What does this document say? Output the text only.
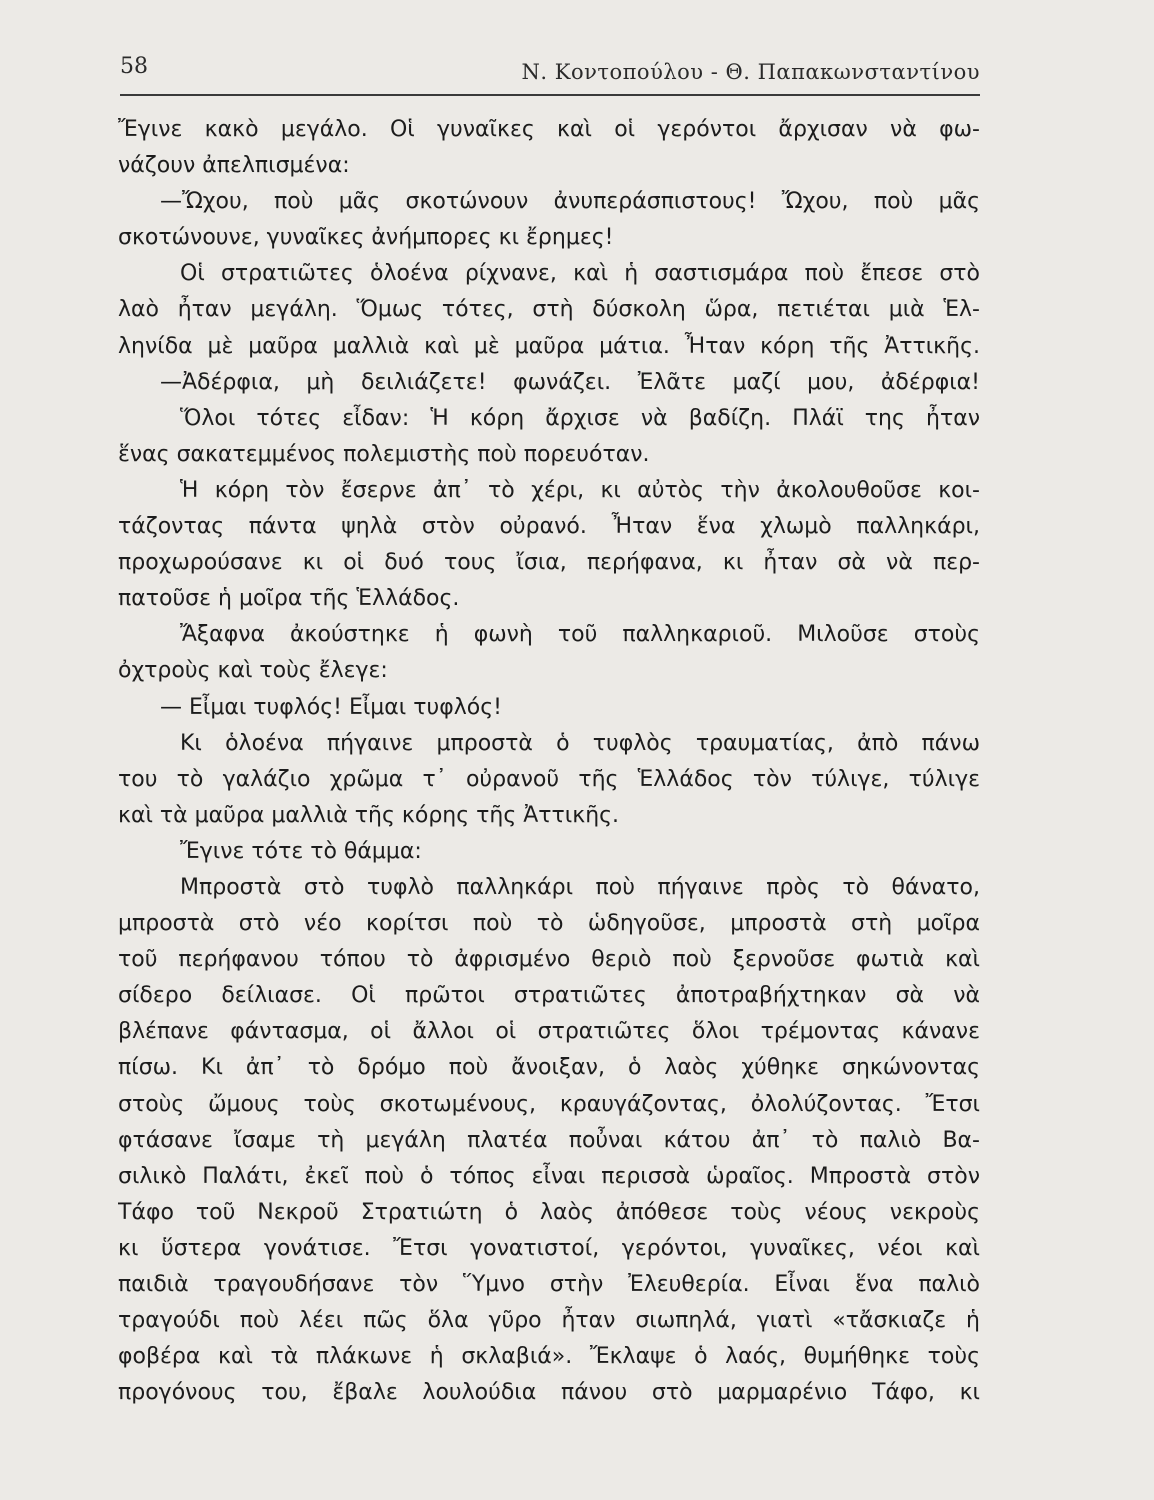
58	Ν. Κοντοπούλου - Θ. Παπακωνσταντίνου
Ἔγινε κακὸ μεγάλο. Οἱ γυναῖκες καὶ οἱ γερόντοι ἄρχισαν νὰ φω-
νάζουν ἀπελπισμένα:
—Ὤχου, ποὺ μᾶς σκοτώνουν ἀνυπεράσπιστους! Ὤχου, ποὺ μᾶς
σκοτώνουνε, γυναῖκες ἀνήμπορες κι ἔρημες!
Οἱ στρατιῶτες ὁλοένα ρίχνανε, καὶ ἡ σαστισμάρα ποὺ ἔπεσε στὸ
λαὸ ἦταν μεγάλη. Ὅμως τότες, στὴ δύσκολη ὥρα, πετιέται μιὰ Ἑλ-
ληνίδα μὲ μαῦρα μαλλιὰ καὶ μὲ μαῦρα μάτια. Ἦταν κόρη τῆς Ἀττικῆς.
—Ἀδέρφια, μὴ δειλιάζετε! φωνάζει. Ἐλᾶτε μαζί μου, ἀδέρφια!
Ὅλοι τότες εἶδαν: Ἡ κόρη ἄρχισε νὰ βαδίζη. Πλάϊ της ἦταν
ἕνας σακατεμμένος πολεμιστὴς ποὺ πορευόταν.
Ἡ κόρη τὸν ἔσερνε ἀπ᾿ τὸ χέρι, κι αὐτὸς τὴν ἀκολουθοῦσε κοι-
τάζοντας πάντα ψηλὰ στὸν οὐρανό. Ἦταν ἕνα χλωμὸ παλληκάρι,
προχωρούσανε κι οἱ δυό τους ἴσια, περήφανα, κι ἦταν σὰ νὰ περ-
πατοῦσε ἡ μοῖρα τῆς Ἑλλάδος.
Ἄξαφνα ἀκούστηκε ἡ φωνὴ τοῦ παλληκαριοῦ. Μιλοῦσε στοὺς
ὀχτροὺς καὶ τοὺς ἔλεγε:
— Εἶμαι τυφλός! Εἶμαι τυφλός!
Κι ὁλοένα πήγαινε μπροστὰ ὁ τυφλὸς τραυματίας, ἀπὸ πάνω
του τὸ γαλάζιο χρῶμα τ᾿ οὐρανοῦ τῆς Ἑλλάδος τὸν τύλιγε, τύλιγε
καὶ τὰ μαῦρα μαλλιὰ τῆς κόρης τῆς Ἀττικῆς.
Ἔγινε τότε τὸ θάμμα:
Μπροστὰ στὸ τυφλὸ παλληκάρι ποὺ πήγαινε πρὸς τὸ θάνατο,
μπροστὰ στὸ νέο κορίτσι ποὺ τὸ ὡδηγοῦσε, μπροστὰ στὴ μοῖρα
τοῦ περήφανου τόπου τὸ ἀφρισμένο θεριὸ ποὺ ξερνοῦσε φωτιὰ καὶ
σίδερο δείλιασε. Οἱ πρῶτοι στρατιῶτες ἀποτραβήχτηκαν σὰ νὰ
βλέπανε φάντασμα, οἱ ἄλλοι οἱ στρατιῶτες ὅλοι τρέμοντας κάνανε
πίσω. Κι ἀπ᾿ τὸ δρόμο ποὺ ἄνοιξαν, ὁ λαὸς χύθηκε σηκώνοντας
στοὺς ὤμους τοὺς σκοτωμένους, κραυγάζοντας, ὀλολύζοντας. Ἔτσι
φτάσανε ἴσαμε τὴ μεγάλη πλατέα ποὖναι κάτου ἀπ᾿ τὸ παλιὸ Βα-
σιλικὸ Παλάτι, ἐκεῖ ποὺ ὁ τόπος εἶναι περισσὰ ὡραῖος. Μπροστὰ στὸν
Τάφο τοῦ Νεκροῦ Στρατιώτη ὁ λαὸς ἀπόθεσε τοὺς νέους νεκροὺς
κι ὕστερα γονάτισε. Ἔτσι γονατιστοί, γερόντοι, γυναῖκες, νέοι καὶ
παιδιὰ τραγουδήσανε τὸν Ὕμνο στὴν Ἐλευθερία. Εἶναι ἕνα παλιὸ
τραγούδι ποὺ λέει πῶς ὅλα γῦρο ἦταν σιωπηλά, γιατὶ «τἄσκιαζε ἡ
φοβέρα καὶ τὰ πλάκωνε ἡ σκλαβιά». Ἔκλαψε ὁ λαός, θυμήθηκε τοὺς
προγόνους του, ἔβαλε λουλούδια πάνου στὸ μαρμαρένιο Τάφο, κι
